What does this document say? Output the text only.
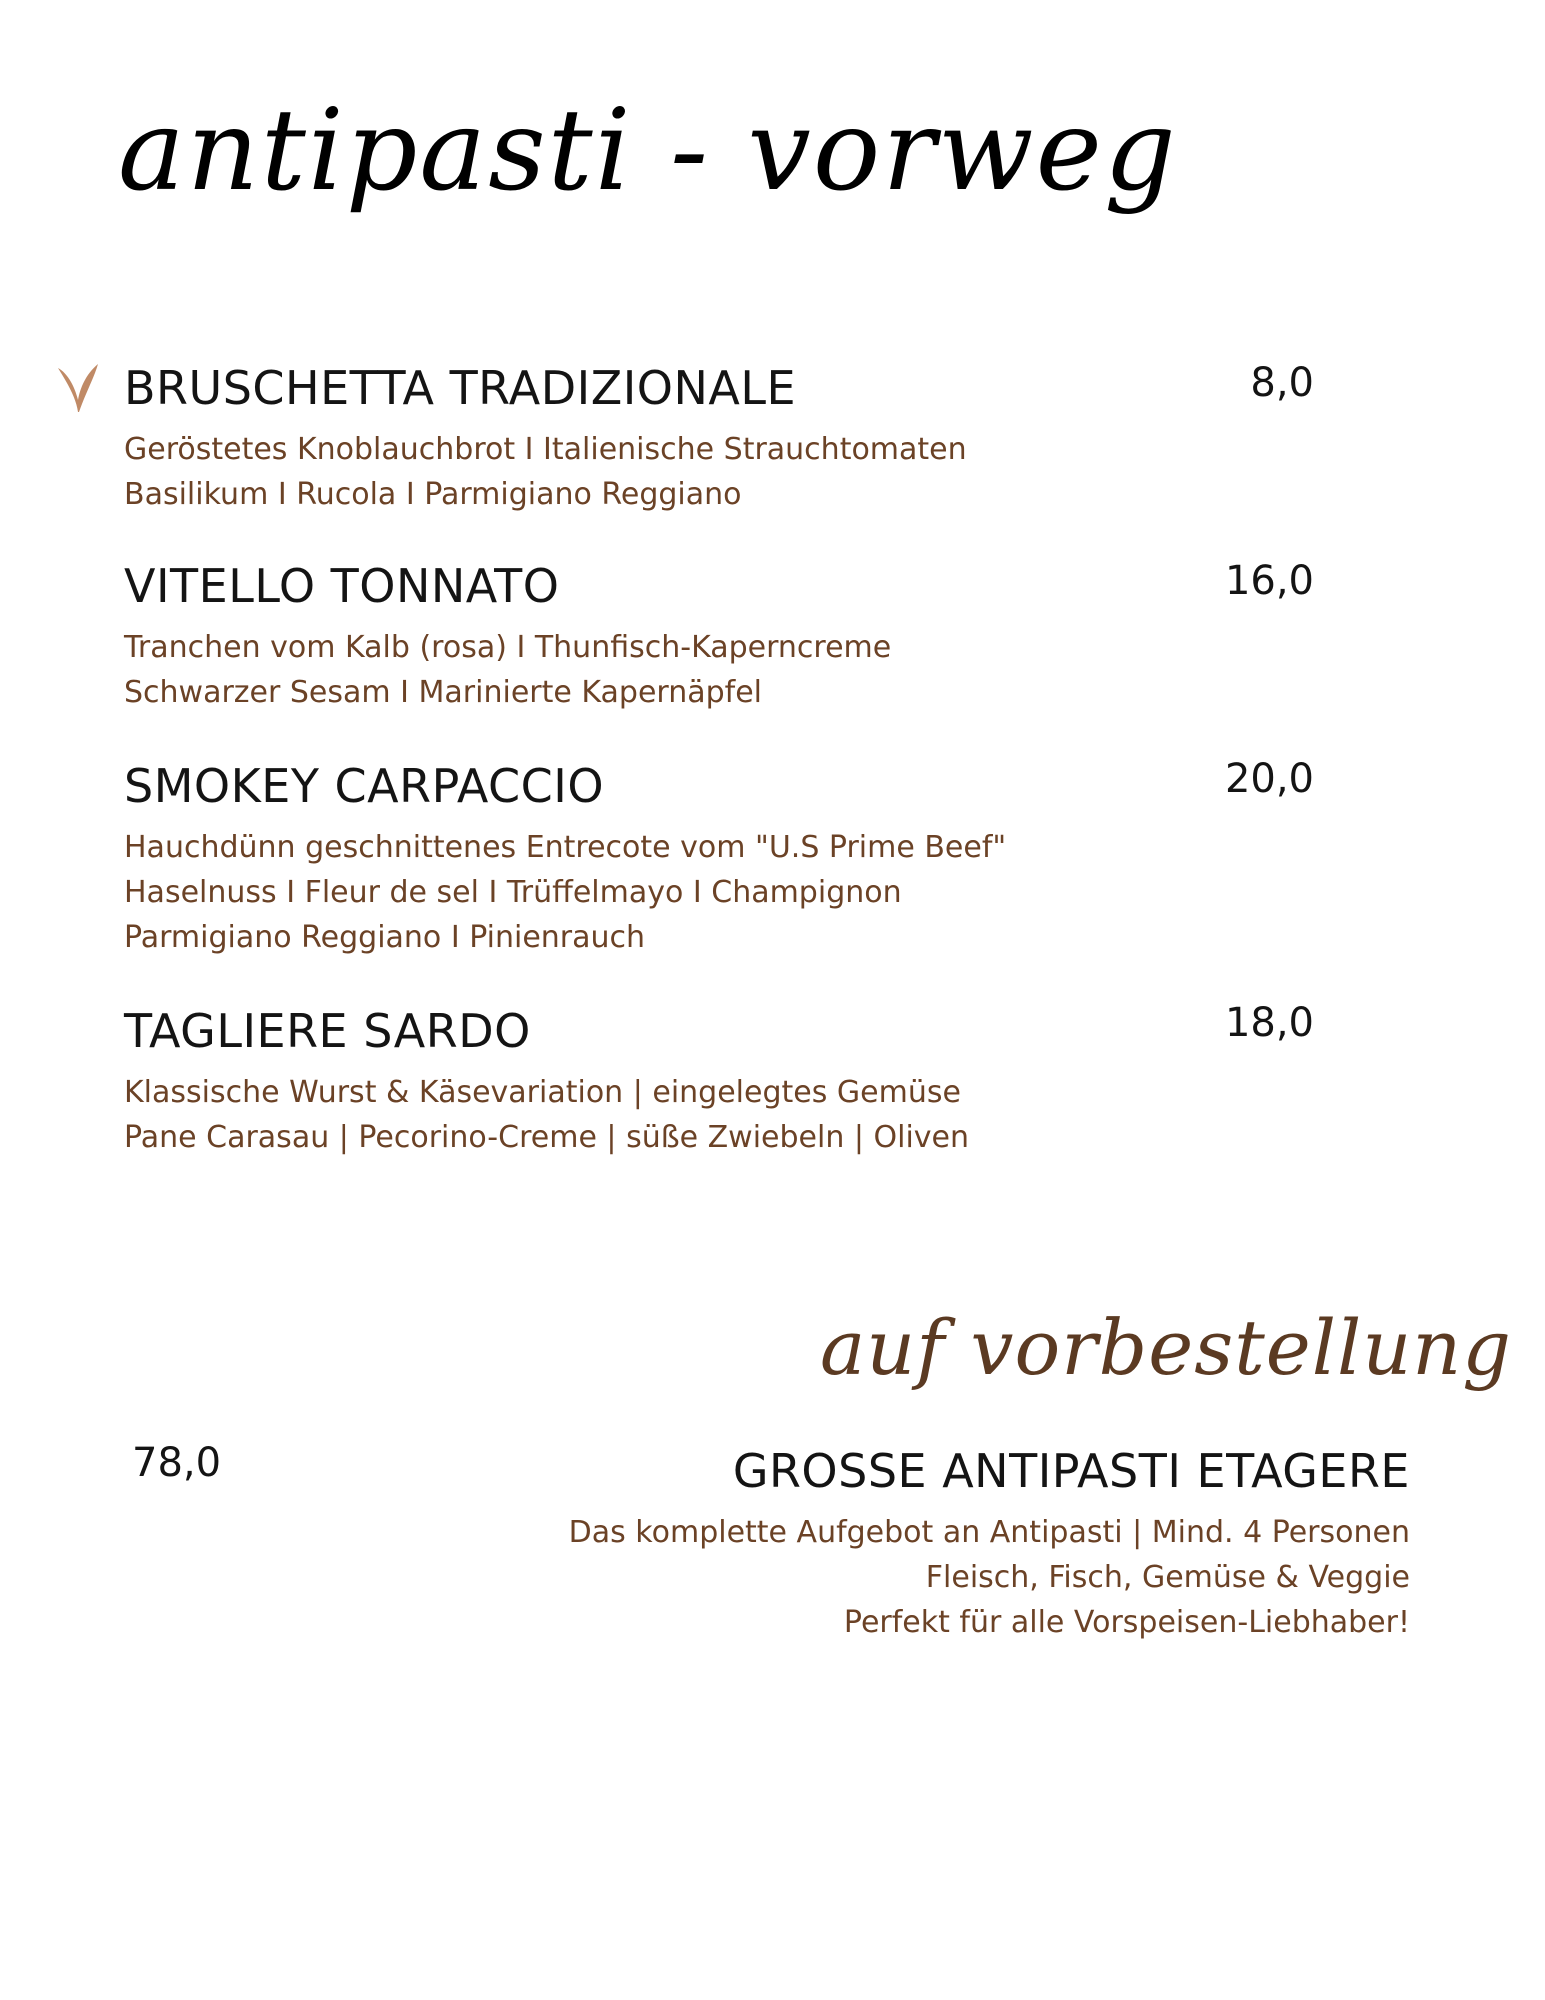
antipasti - vorweg
BRUSCHETTA TRADIZIONALE
Geröstetes Knoblauchbrot I Italienische Strauchtomaten
Basilikum I Rucola I Parmigiano Reggiano
8,0
VITELLO TONNATO
Tranchen vom Kalb (rosa) I Thunfisch-Kaperncreme
Schwarzer Sesam I Marinierte Kapernäpfel
16,0
SMOKEY CARPACCIO
Hauchdünn geschnittenes Entrecote vom "U.S Prime Beef"
Haselnuss I Fleur de sel I Trüffelmayo I Champignon
Parmigiano Reggiano I Pinienrauch
20,0
TAGLIERE SARDO
Klassische Wurst & Käsevariation | eingelegtes Gemüse
Pane Carasau | Pecorino-Creme | süße Zwiebeln | Oliven
18,0
auf vorbestellung
78,0	GROSSE ANTIPASTI ETAGERE
Das komplette Aufgebot an Antipasti | Mind. 4 Personen
Fleisch, Fisch, Gemüse & Veggie
Perfekt für alle Vorspeisen-Liebhaber!
